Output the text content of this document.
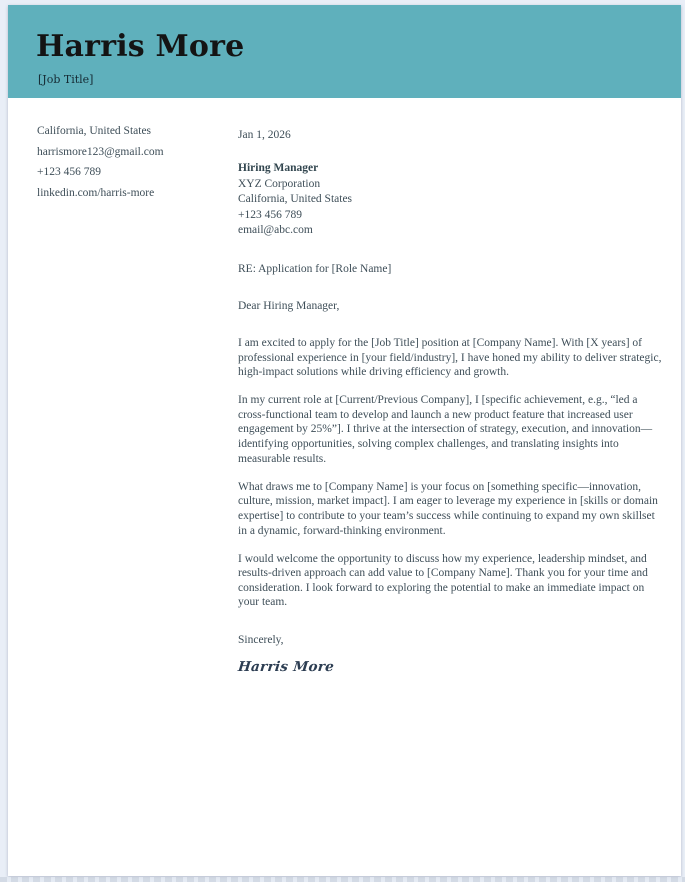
Harris More
[Job Title]
California, United States
harrismore123@gmail.com
+123 456 789
linkedin.com/harris-more
Jan 1, 2026
Hiring Manager
XYZ Corporation
California, United States
+123 456 789
email@abc.com
RE: Application for [Role Name]
Dear Hiring Manager,

I am excited to apply for the [Job Title] position at [Company Name]. With [X years] of professional experience in [your field/industry], I have honed my ability to deliver strategic, high-impact solutions while driving efficiency and growth.

In my current role at [Current/Previous Company], I [specific achievement, e.g., “led a cross-functional team to develop and launch a new product feature that increased user engagement by 25%”]. I thrive at the intersection of strategy, execution, and innovation—identifying opportunities, solving complex challenges, and translating insights into measurable results.

What draws me to [Company Name] is your focus on [something specific—innovation, culture, mission, market impact]. I am eager to leverage my experience in [skills or domain expertise] to contribute to your team’s success while continuing to expand my own skillset in a dynamic, forward-thinking environment.

I would welcome the opportunity to discuss how my experience, leadership mindset, and results-driven approach can add value to [Company Name]. Thank you for your time and consideration. I look forward to exploring the potential to make an immediate impact on your team.

Sincerely,
Harris More
